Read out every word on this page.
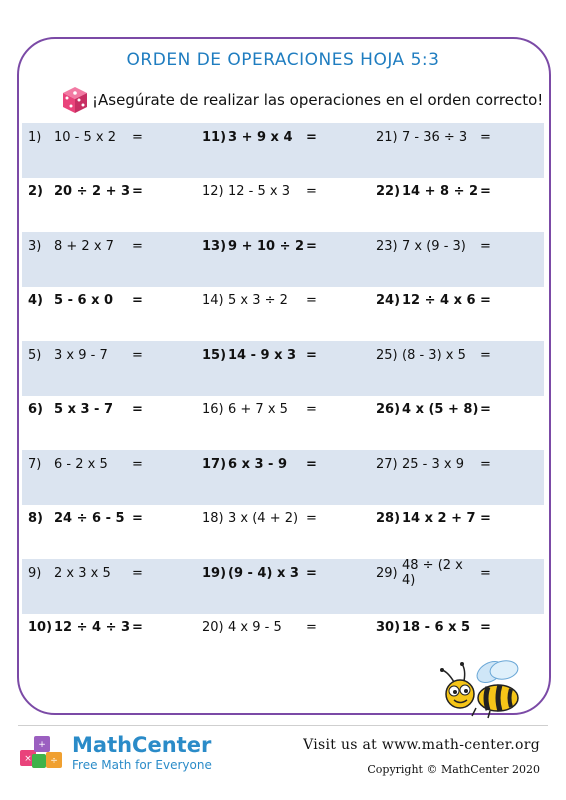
ORDEN DE OPERACIONES HOJA 5:3
¡Asegúrate de realizar las operaciones en el orden correcto!
1) 10 - 5 x 2	=
2) 20 ÷ 2 + 3 =
3) 8 + 2 x 7	=
4) 5 - 6 x 0	=
5) 3 x 9 - 7	=
6) 5 x 3 - 7	=
7) 6 - 2 x 5	=
8) 24 ÷ 6 - 5 =
9) 2 x 3 x 5	=
10) 12 ÷ 4 ÷ 3 =
11) 3 + 9 x 4	=
12) 12 - 5 x 3	=
13) 9 + 10 ÷ 2 =
14) 5 x 3 ÷ 2	=
15) 14 - 9 x 3 =
16) 6 + 7 x 5	=
17) 6 x 3 - 9	=
18) 3 x (4 + 2) =
19) (9 - 4) x 3 =
20) 4 x 9 - 5	=
21) 7 - 36 ÷ 3 =
22) 14 + 8 ÷ 2 =
23) 7 x (9 - 3)	=
24) 12 ÷ 4 x 6 =
25) (8 - 3) x 5	=
26) 4 x (5 + 8) =
27) 25 - 3 x 9	=
28) 14 x 2 + 7 =
29) 48 ÷ (2 x 4)	=
30) 18 - 6 x 5 =
+
× ÷
MathCenter
Free Math for Everyone
Visit us at www.math-center.org
Copyright © MathCenter 2020
